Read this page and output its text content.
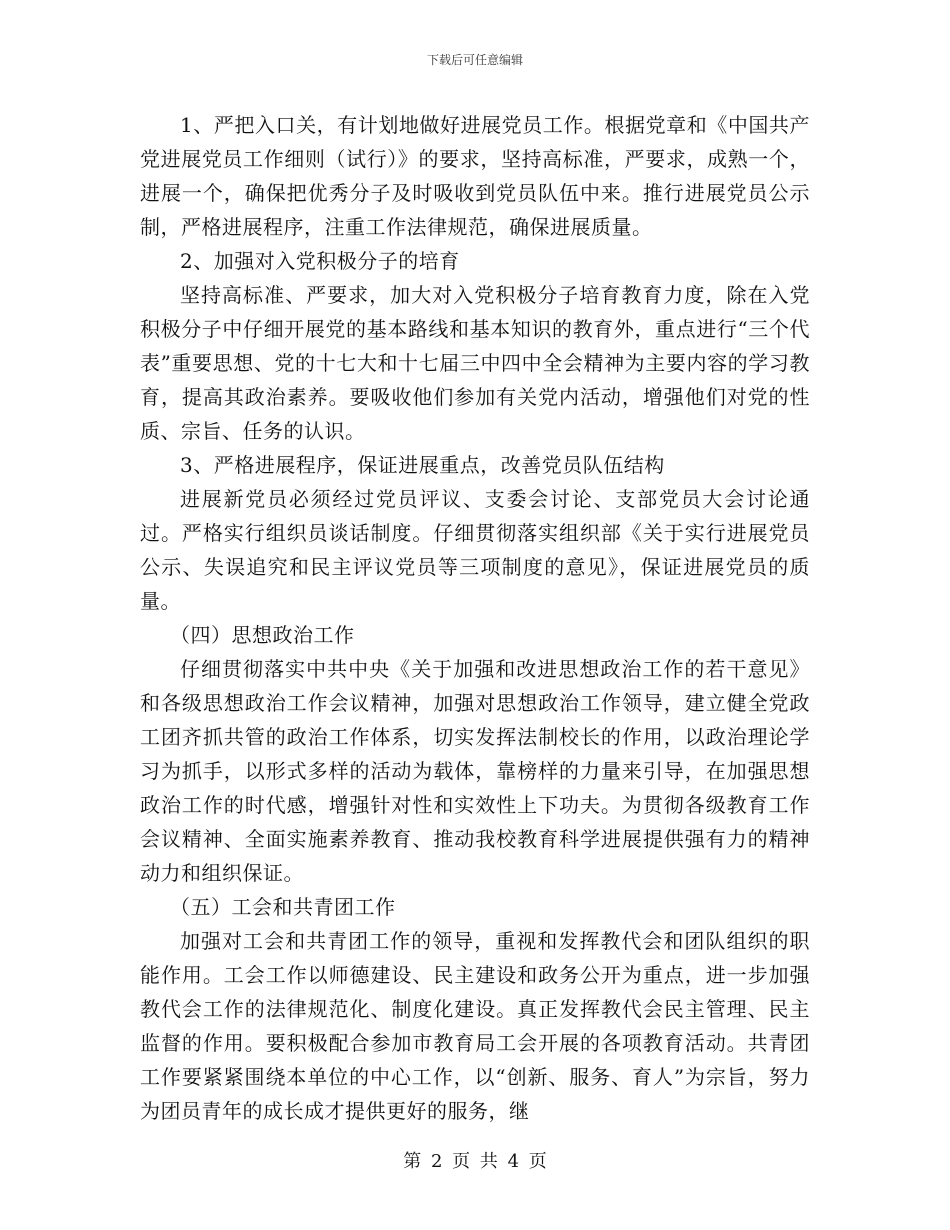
下载后可任意编辑

1、严把入口关，有计划地做好进展党员工作。根据党章和《中国共产党进展党员工作细则（试行）》的要求，坚持高标准，严要求，成熟一个，进展一个，确保把优秀分子及时吸收到党员队伍中来。推行进展党员公示制，严格进展程序，注重工作法律规范，确保进展质量。

2、加强对入党积极分子的培育

坚持高标准、严要求，加大对入党积极分子培育教育力度，除在入党积极分子中仔细开展党的基本路线和基本知识的教育外，重点进行“三个代表”重要思想、党的十七大和十七届三中四中全会精神为主要内容的学习教育，提高其政治素养。要吸收他们参加有关党内活动，增强他们对党的性质、宗旨、任务的认识。

3、严格进展程序，保证进展重点，改善党员队伍结构

进展新党员必须经过党员评议、支委会讨论、支部党员大会讨论通过。严格实行组织员谈话制度。仔细贯彻落实组织部《关于实行进展党员公示、失误追究和民主评议党员等三项制度的意见》，保证进展党员的质量。

（四）思想政治工作

仔细贯彻落实中共中央《关于加强和改进思想政治工作的若干意见》和各级思想政治工作会议精神，加强对思想政治工作领导，建立健全党政工团齐抓共管的政治工作体系，切实发挥法制校长的作用，以政治理论学习为抓手，以形式多样的活动为载体，靠榜样的力量来引导，在加强思想政治工作的时代感，增强针对性和实效性上下功夫。为贯彻各级教育工作会议精神、全面实施素养教育、推动我校教育科学进展提供强有力的精神动力和组织保证。

（五）工会和共青团工作

加强对工会和共青团工作的领导，重视和发挥教代会和团队组织的职能作用。工会工作以师德建设、民主建设和政务公开为重点，进一步加强教代会工作的法律规范化、制度化建设。真正发挥教代会民主管理、民主监督的作用。要积极配合参加市教育局工会开展的各项教育活动。共青团工作要紧紧围绕本单位的中心工作，以“创新、服务、育人”为宗旨，努力为团员青年的成长成才提供更好的服务，继

第 2 页 共 4 页
